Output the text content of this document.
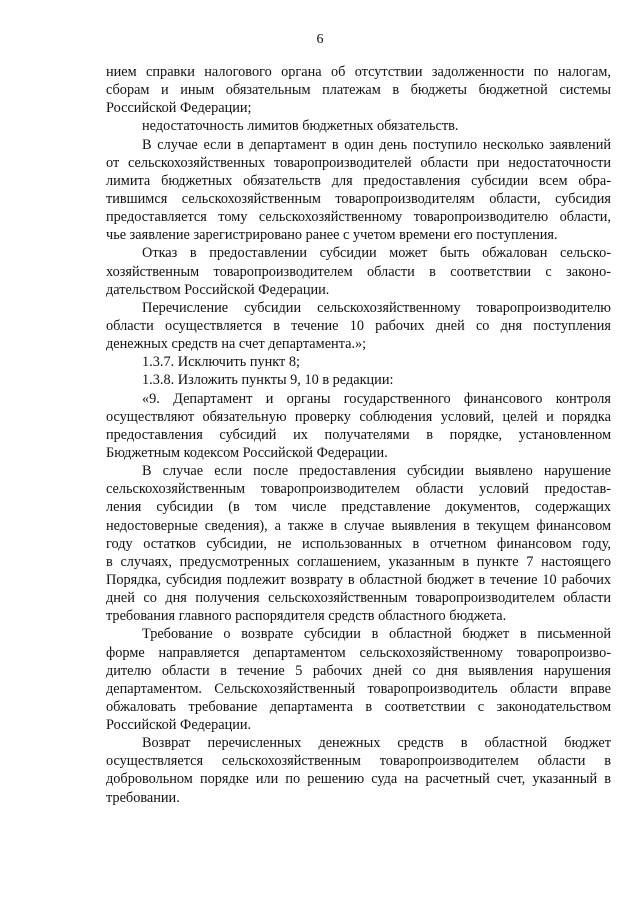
6
нием справки налогового органа об отсутствии задолженности по налогам,
сборам и иным обязательным платежам в бюджеты бюджетной системы
Российской Федерации;
недостаточность лимитов бюджетных обязательств.
В случае если в департамент в один день поступило несколько заявлений
от сельскохозяйственных товаропроизводителей области при недостаточности
лимита бюджетных обязательств для предоставления субсидии всем обра-
тившимся сельскохозяйственным товаропроизводителям области, субсидия
предоставляется тому сельскохозяйственному товаропроизводителю области,
чье заявление зарегистрировано ранее с учетом времени его поступления.
Отказ в предоставлении субсидии может быть обжалован сельско-
хозяйственным товаропроизводителем области в соответствии с законо-
дательством Российской Федерации.
Перечисление субсидии сельскохозяйственному товаропроизводителю
области осуществляется в течение 10 рабочих дней со дня поступления
денежных средств на счет департамента.»;
1.3.7. Исключить пункт 8;
1.3.8. Изложить пункты 9, 10 в редакции:
«9. Департамент и органы государственного финансового контроля
осуществляют обязательную проверку соблюдения условий, целей и порядка
предоставления субсидий их получателями в порядке, установленном
Бюджетным кодексом Российской Федерации.
В случае если после предоставления субсидии выявлено нарушение
сельскохозяйственным товаропроизводителем области условий предостав-
ления субсидии (в том числе представление документов, содержащих
недостоверные сведения), а также в случае выявления в текущем финансовом
году остатков субсидии, не использованных в отчетном финансовом году,
в случаях, предусмотренных соглашением, указанным в пункте 7 настоящего
Порядка, субсидия подлежит возврату в областной бюджет в течение 10 рабочих
дней со дня получения сельскохозяйственным товаропроизводителем области
требования главного распорядителя средств областного бюджета.
Требование о возврате субсидии в областной бюджет в письменной
форме направляется департаментом сельскохозяйственному товаропроизво-
дителю области в течение 5 рабочих дней со дня выявления нарушения
департаментом. Сельскохозяйственный товаропроизводитель области вправе
обжаловать требование департамента в соответствии с законодательством
Российской Федерации.
Возврат перечисленных денежных средств в областной бюджет
осуществляется сельскохозяйственным товаропроизводителем области в
добровольном порядке или по решению суда на расчетный счет, указанный в
требовании.
